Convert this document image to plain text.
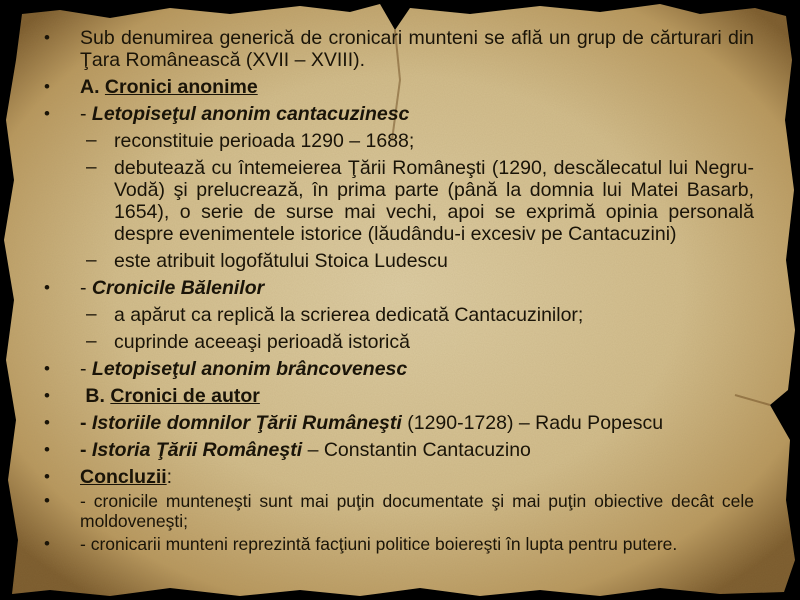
•	Sub denumirea generică de cronicari munteni se află un grup de cărturari din Ţara Românească (XVII – XVIII).
•	A. Cronici anonime
•	- Letopiseţul anonim cantacuzinesc
– reconstituie perioada 1290 – 1688;
– debutează cu întemeierea Ţării Româneşti (1290, descălecatul lui Negru-Vodă) şi prelucrează, în prima parte (până la domnia lui Matei Basarb, 1654), o serie de surse mai vechi, apoi se exprimă opinia personală despre evenimentele istorice (lăudându-i excesiv pe Cantacuzini)
– este atribuit logofătului Stoica Ludescu
•	- Cronicile Bălenilor
– a apărut ca replică la scrierea dedicată Cantacuzinilor;
– cuprinde aceeaşi perioadă istorică
•	- Letopiseţul anonim brâncovenesc
•	B. Cronici de autor
•	- Istoriile domnilor Ţării Rumâneşti (1290-1728) – Radu Popescu
•	- Istoria Ţării Româneşti – Constantin Cantacuzino
•	Concluzii:
•	- cronicile munteneşti sunt mai puţin documentate şi mai puţin obiective decât cele moldoveneşti;
•	- cronicarii munteni reprezintă facţiuni politice boiereşti în lupta pentru putere.
